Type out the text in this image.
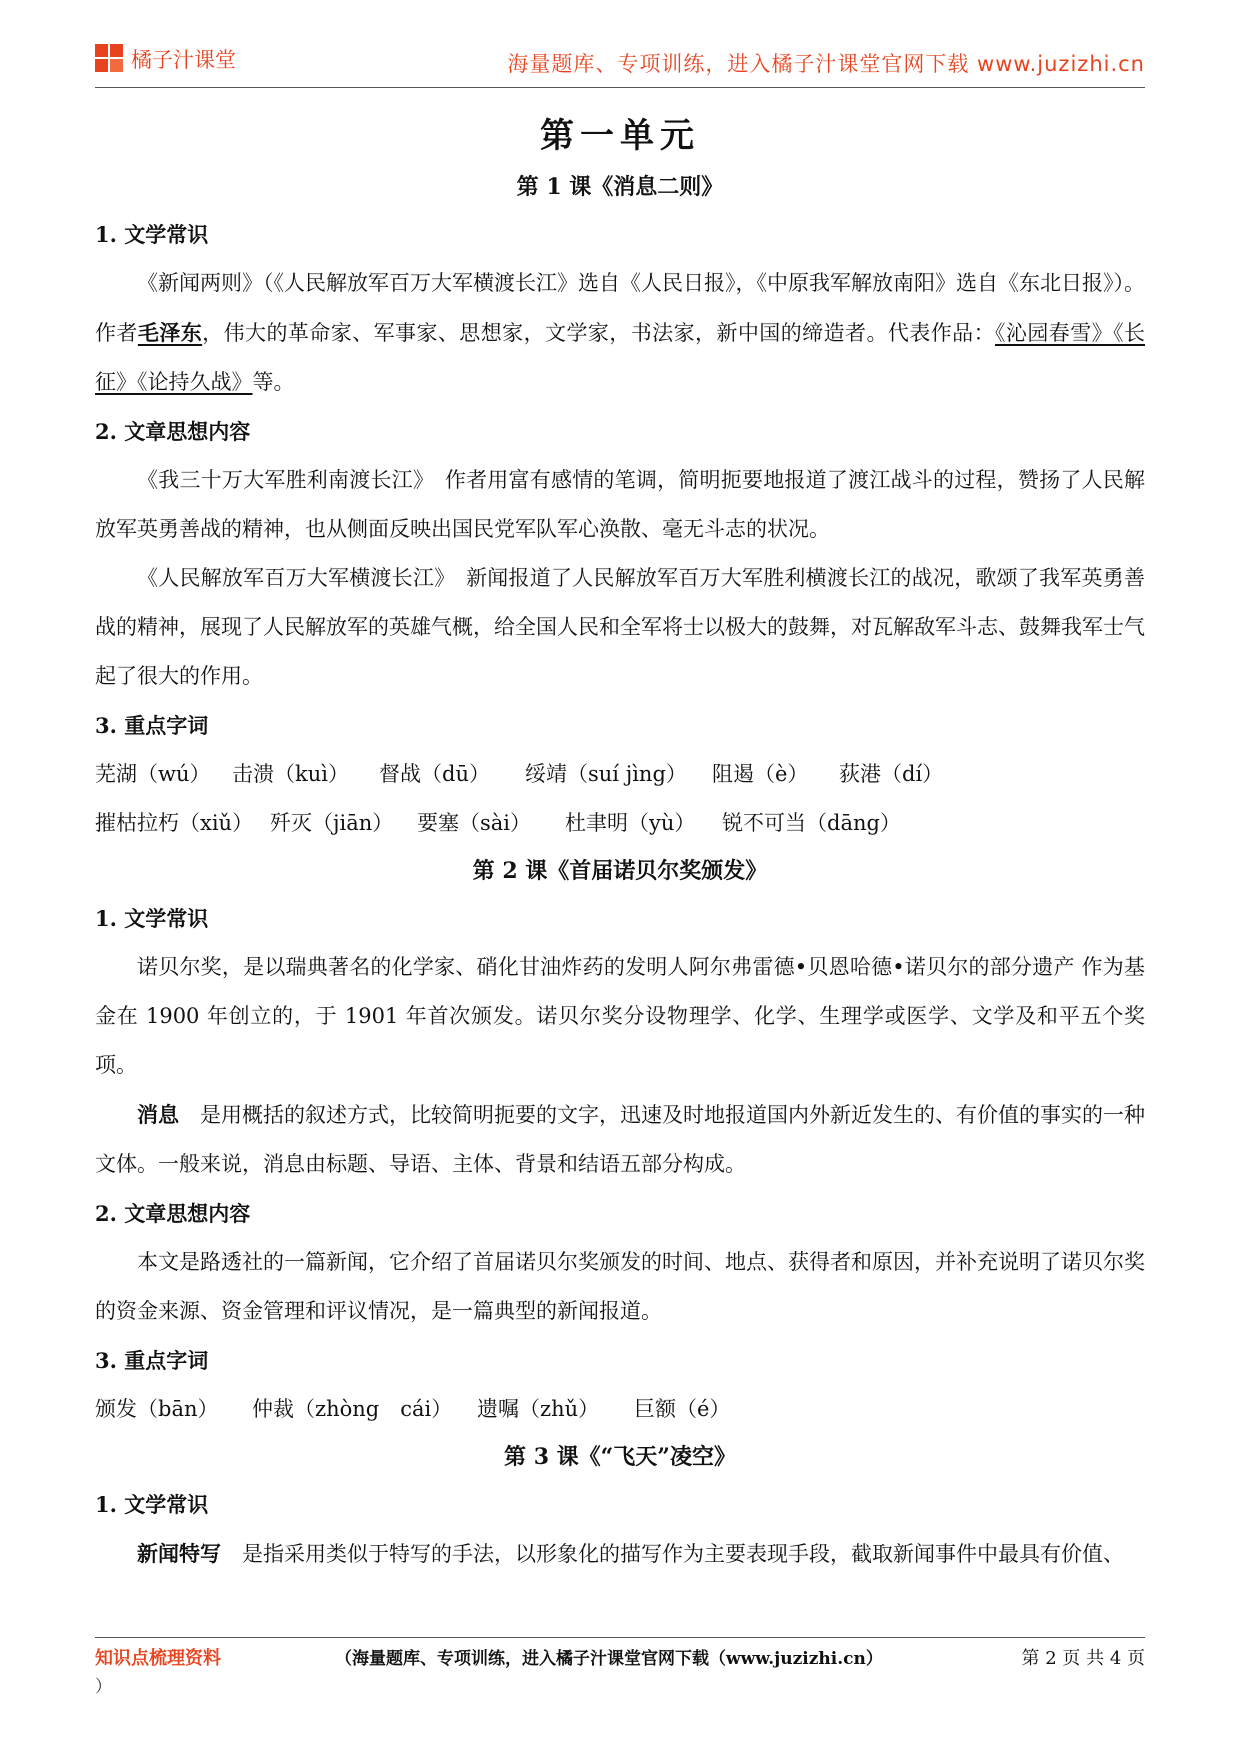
橘子汁课堂	海量题库、专项训练，进入橘子汁课堂官网下载 www.juzizhi.cn
第一单元
第 1 课《消息二则》
1. 文学常识

《新闻两则》（《人民解放军百万大军横渡长江》选自《人民日报》，《中原我军解放南阳》选自《东北日报》）。作者毛泽东，伟大的革命家、军事家、思想家，文学家，书法家，新中国的缔造者。代表作品：《沁园春雪》《长征》《论持久战》等。

2. 文章思想内容

《我三十万大军胜利南渡长江》　作者用富有感情的笔调，简明扼要地报道了渡江战斗的过程，赞扬了人民解放军英勇善战的精神，也从侧面反映出国民党军队军心涣散、毫无斗志的状况。

《人民解放军百万大军横渡长江》　新闻报道了人民解放军百万大军胜利横渡长江的战况，歌颂了我军英勇善战的精神，展现了人民解放军的英雄气概，给全国人民和全军将士以极大的鼓舞，对瓦解敌军斗志、鼓舞我军士气起了很大的作用。

3. 重点字词
芜湖（wú） 击溃（kuì） 督战（dū） 绥靖（suí jìng） 阻遏（è） 荻港（dí）
摧枯拉朽（xiǔ） 歼灭（jiān） 要塞（sài） 杜聿明（yù） 锐不可当（dāng）
第 2 课《首届诺贝尔奖颁发》
1. 文学常识

诺贝尔奖，是以瑞典著名的化学家、硝化甘油炸药的发明人阿尔弗雷德•贝恩哈德•诺贝尔的部分遗产 作为基金在 1900 年创立的，于 1901 年首次颁发。诺贝尔奖分设物理学、化学、生理学或医学、文学及和平五个奖项。

消息　是用概括的叙述方式，比较简明扼要的文字，迅速及时地报道国内外新近发生的、有价值的事实的一种文体。一般来说，消息由标题、导语、主体、背景和结语五部分构成。

2. 文章思想内容

本文是路透社的一篇新闻，它介绍了首届诺贝尔奖颁发的时间、地点、获得者和原因，并补充说明了诺贝尔奖的资金来源、资金管理和评议情况，是一篇典型的新闻报道。

3. 重点字词
颁发（bān） 仲裁（zhòng　cái） 遗嘱（zhǔ） 巨额（é）
第 3 课《“飞天”凌空》
1. 文学常识

新闻特写　是指采用类似于特写的手法，以形象化的描写作为主要表现手段，截取新闻事件中最具有价值、

知识点梳理资料	（海量题库、专项训练，进入橘子汁课堂官网下载（www.juzizhi.cn）	第 2 页 共 4 页
）
